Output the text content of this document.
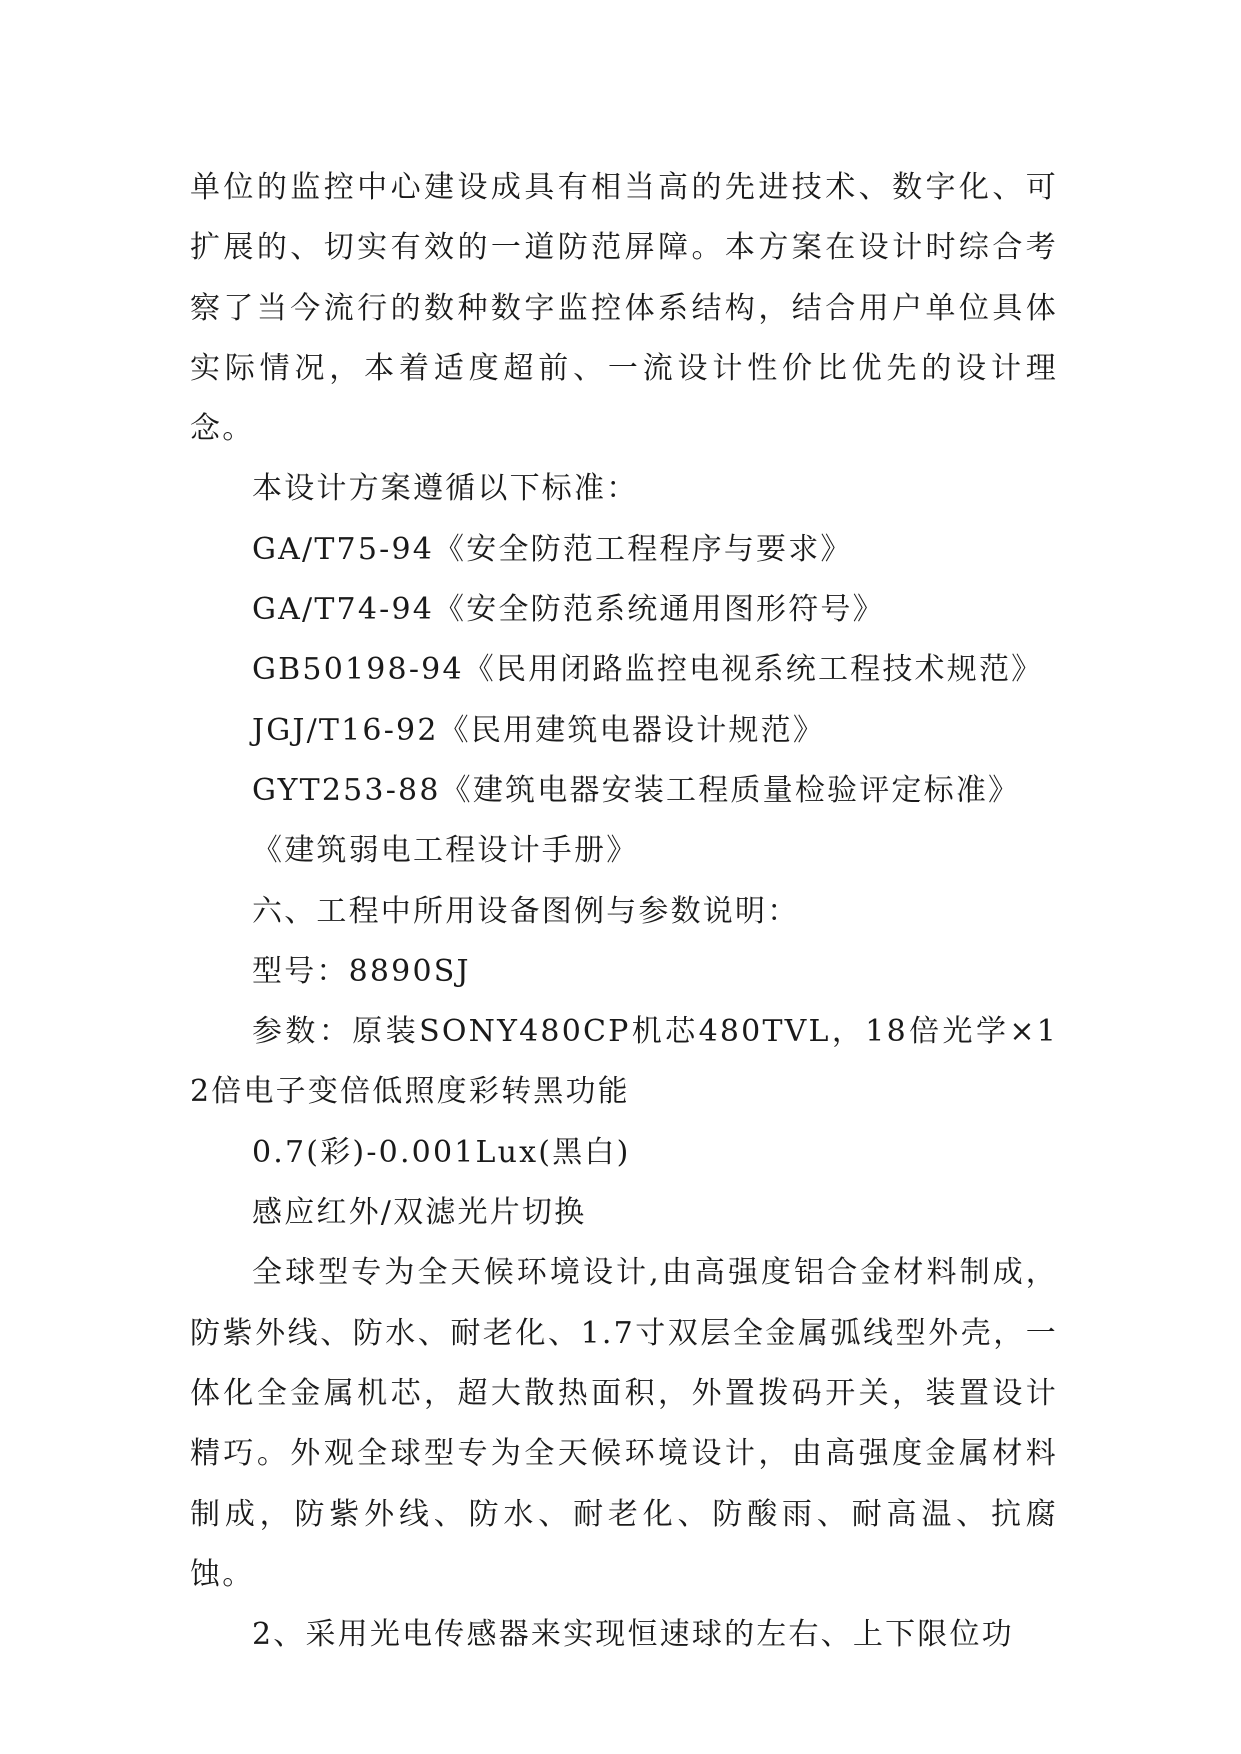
单位的监控中心建设成具有相当高的先进技术、数字化、可扩展的、切实有效的一道防范屏障。本方案在设计时综合考察了当今流行的数种数字监控体系结构，结合用户单位具体实际情况，本着适度超前、一流设计性价比优先的设计理念。

本设计方案遵循以下标准：

GA/T75-94《安全防范工程程序与要求》

GA/T74-94《安全防范系统通用图形符号》

GB50198-94《民用闭路监控电视系统工程技术规范》

JGJ/T16-92《民用建筑电器设计规范》

GYT253-88《建筑电器安装工程质量检验评定标准》

《建筑弱电工程设计手册》

六、工程中所用设备图例与参数说明：

型号：8890SJ

参数：原装SONY480CP机芯480TVL，18倍光学×12倍电子变倍低照度彩转黑功能

0.7(彩)-0.001Lux(黑白)

感应红外/双滤光片切换

全球型专为全天候环境设计,由高强度铝合金材料制成，防紫外线、防水、耐老化、1.7寸双层全金属弧线型外壳，一体化全金属机芯，超大散热面积，外置拨码开关，装置设计精巧。外观全球型专为全天候环境设计，由高强度金属材料制成，防紫外线、防水、耐老化、防酸雨、耐高温、抗腐蚀。

2、采用光电传感器来实现恒速球的左右、上下限位功
